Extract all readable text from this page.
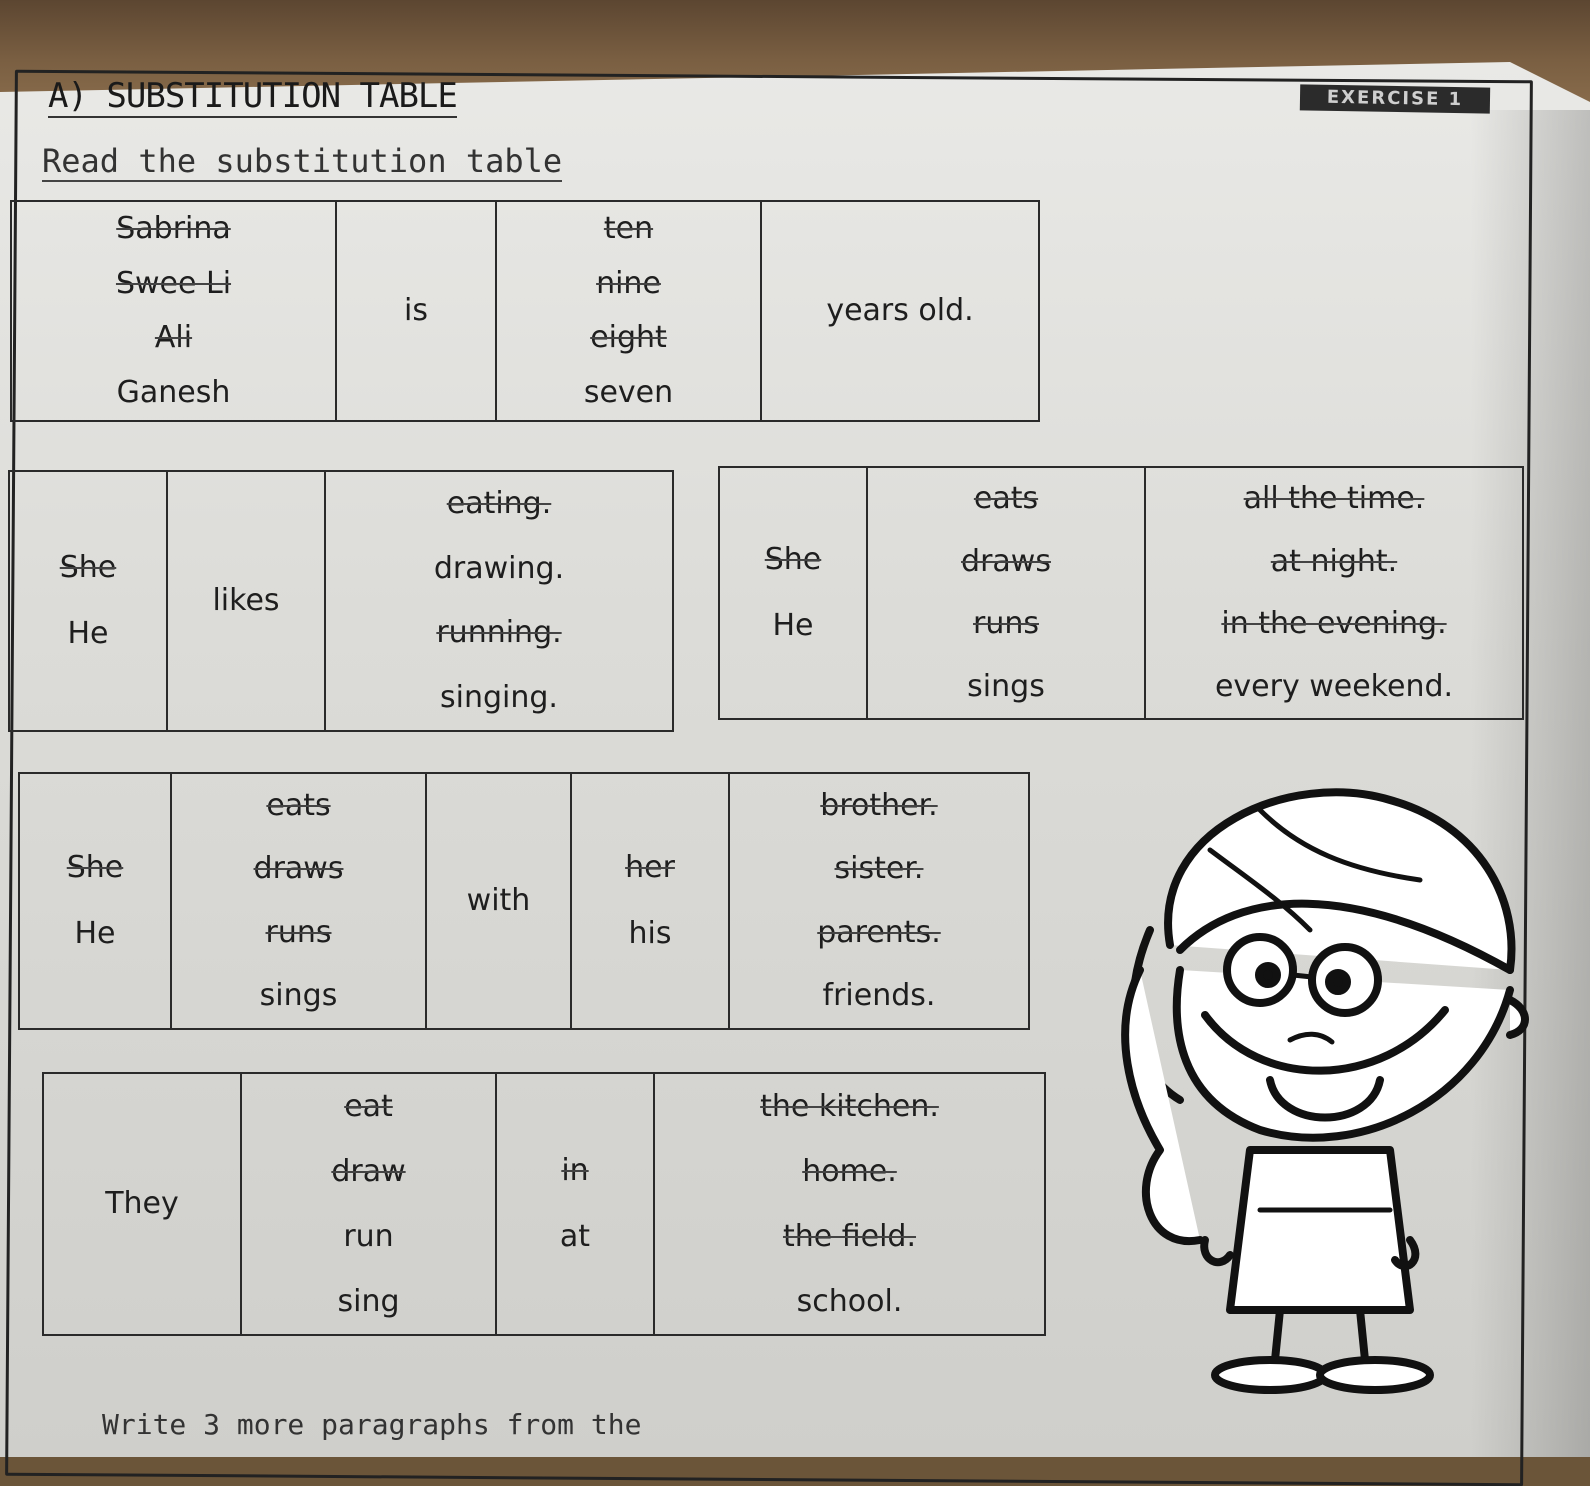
A) SUBSTITUTION TABLE	EXERCISE 1
Read the substitution table
Sabrina
Swee Li
Ali
Ganesh

is

ten
nine
eight
seven

years old.
She
He

likes

eating.
drawing.
running.
singing.
She
He

eats
draws
runs
sings

all the time.
at night.
in the evening.
every weekend.
She
He

eats
draws
runs
sings

with

her
his

brother.
sister.
parents.
friends.
They

eat
draw
run
sing

in
at

the kitchen.
home.
the field.
school.
Write 3 more paragraphs from the
